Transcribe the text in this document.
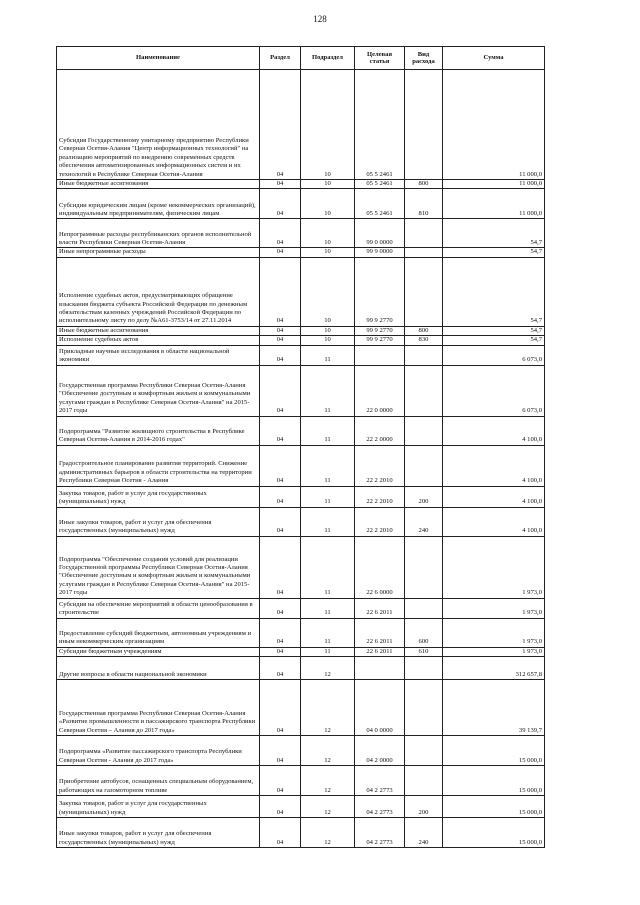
128
Наименование	Раздел	Подраздел	Целевая статья	Вид расхода	Сумма
Субсидия Государственному унитарному предприятию Республики Северная Осетия-Алания "Центр информационных технологий" на реализацию мероприятий по внедрению современных средств обеспечения автоматизированных информационных систем и их технологий в Республике Северная Осетия-Алания	04	10	05 5 2461		11 000,0
Иные бюджетные ассигнования	04	10	05 5 2461	800	11 000,0
Субсидии юридическим лицам (кроме некоммерческих организаций), индивидуальным предпринимателям, физическим лицам	04	10	05 5 2461	810	11 000,0
Непрограммные расходы республиканских органов исполнительной власти Республики Северная Осетия-Алания	04	10	99 0 0000		54,7
Иные непрограммные расходы	04	10	99 9 0000		54,7
Исполнение судебных актов, предусматривающих обращение взыскания бюджета субъекта Российской Федерации по денежным обязательствам казенных учреждений Российской Федерации по исполнительному листу по делу №А61-3753/14 от 27.11.2014	04	10	99 9 2770		54,7
Иные бюджетные ассигнования	04	10	99 9 2770	800	54,7
Исполнение судебных актов	04	10	99 9 2770	830	54,7
Прикладные научные исследования в области национальной экономики	04	11			6 073,0
Государственная программа Республики Северная Осетия-Алания "Обеспечение доступным и комфортным жильем и коммунальными услугами граждан в Республике Северная Осетия-Алания" на 2015-2017 годы	04	11	22 0 0000		6 073,0
Подпрограмма "Развитие жилищного строительства в Республике Северная Осетия-Алания в 2014-2016 годах"	04	11	22 2 0000		4 100,0
Градостроительное планирование развития территорий. Снижение административных барьеров в области строительства на территории Республики Северная Осетия - Алания	04	11	22 2 2010		4 100,0
Закупка товаров, работ и услуг для государственных (муниципальных) нужд	04	11	22 2 2010	200	4 100,0
Иные закупки товаров, работ и услуг для обеспечения государственных (муниципальных) нужд	04	11	22 2 2010	240	4 100,0
Подпрограмма "Обеспечение создания условий для реализации Государственной программы Республики Северная Осетия-Алания "Обеспечение доступным и комфортным жильем и коммунальными услугами граждан в Республике Северная Осетия-Алания" на 2015-2017 годы	04	11	22 6 0000		1 973,0
Субсидия на обеспечение мероприятий в области ценообразования в строительстве	04	11	22 6 2011		1 973,0
Предоставление субсидий бюджетным, автономным учреждениям и иным некоммерческим организациям	04	11	22 6 2011	600	1 973,0
Субсидии бюджетным учреждениям	04	11	22 6 2011	610	1 973,0
Другие вопросы в области национальной экономики	04	12			312 657,8
Государственная программа Республики Северная Осетия-Алания «Развитие промышленности и пассажирского транспорта Республики Северная Осетия – Алания до 2017 года»	04	12	04 0 0000		39 139,7
Подпрограмма «Развитие пассажирского транспорта Республики Северная Осетия - Алания до 2017 года»	04	12	04 2 0000		15 000,0
Приобретение автобусов, оснащенных специальным оборудованием, работающих на газомоторном топливе	04	12	04 2 2773		15 000,0
Закупка товаров, работ и услуг для государственных (муниципальных) нужд	04	12	04 2 2773	200	15 000,0
Иные закупки товаров, работ и услуг для обеспечения государственных (муниципальных) нужд	04	12	04 2 2773	240	15 000,0
